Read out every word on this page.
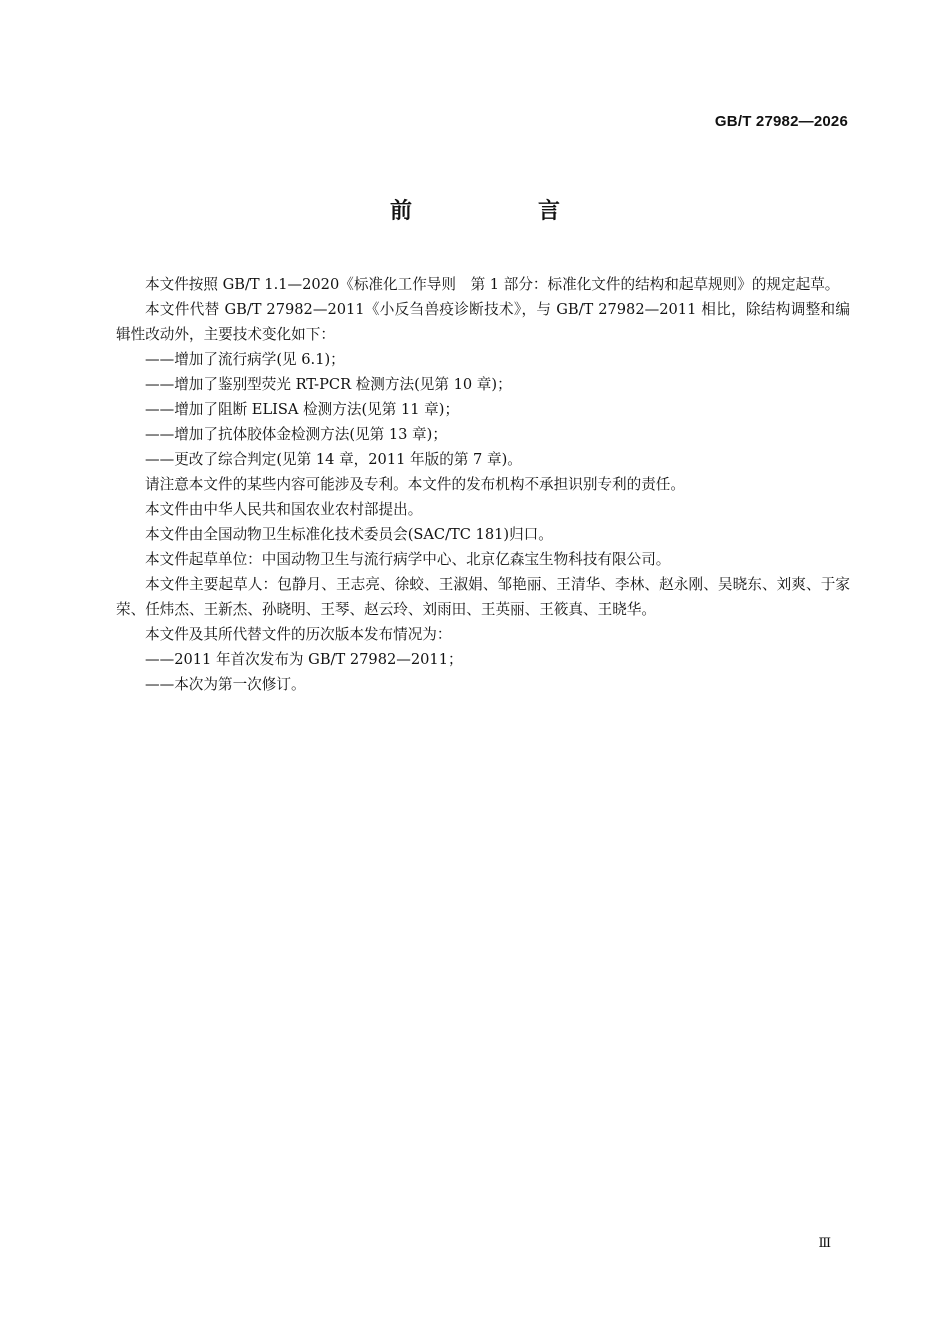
GB/T 27982—2026
前　言

本文件按照 GB/T 1.1—2020《标准化工作导则　第 1 部分：标准化文件的结构和起草规则》的规定起草。

本文件代替 GB/T 27982—2011《小反刍兽疫诊断技术》，与 GB/T 27982—2011 相比，除结构调整和编辑性改动外，主要技术变化如下：

——增加了流行病学(见 6.1)；

——增加了鉴别型荧光 RT-PCR 检测方法(见第 10 章)；

——增加了阻断 ELISA 检测方法(见第 11 章)；

——增加了抗体胶体金检测方法(见第 13 章)；

——更改了综合判定(见第 14 章，2011 年版的第 7 章)。

请注意本文件的某些内容可能涉及专利。本文件的发布机构不承担识别专利的责任。

本文件由中华人民共和国农业农村部提出。

本文件由全国动物卫生标准化技术委员会(SAC/TC 181)归口。

本文件起草单位：中国动物卫生与流行病学中心、北京亿森宝生物科技有限公司。

本文件主要起草人：包静月、王志亮、徐蛟、王淑娟、邹艳丽、王清华、李林、赵永刚、吴晓东、刘爽、于家荣、任炜杰、王新杰、孙晓明、王琴、赵云玲、刘雨田、王英丽、王筱真、王晓华。

本文件及其所代替文件的历次版本发布情况为：

——2011 年首次发布为 GB/T 27982—2011；

——本次为第一次修订。

Ⅲ
